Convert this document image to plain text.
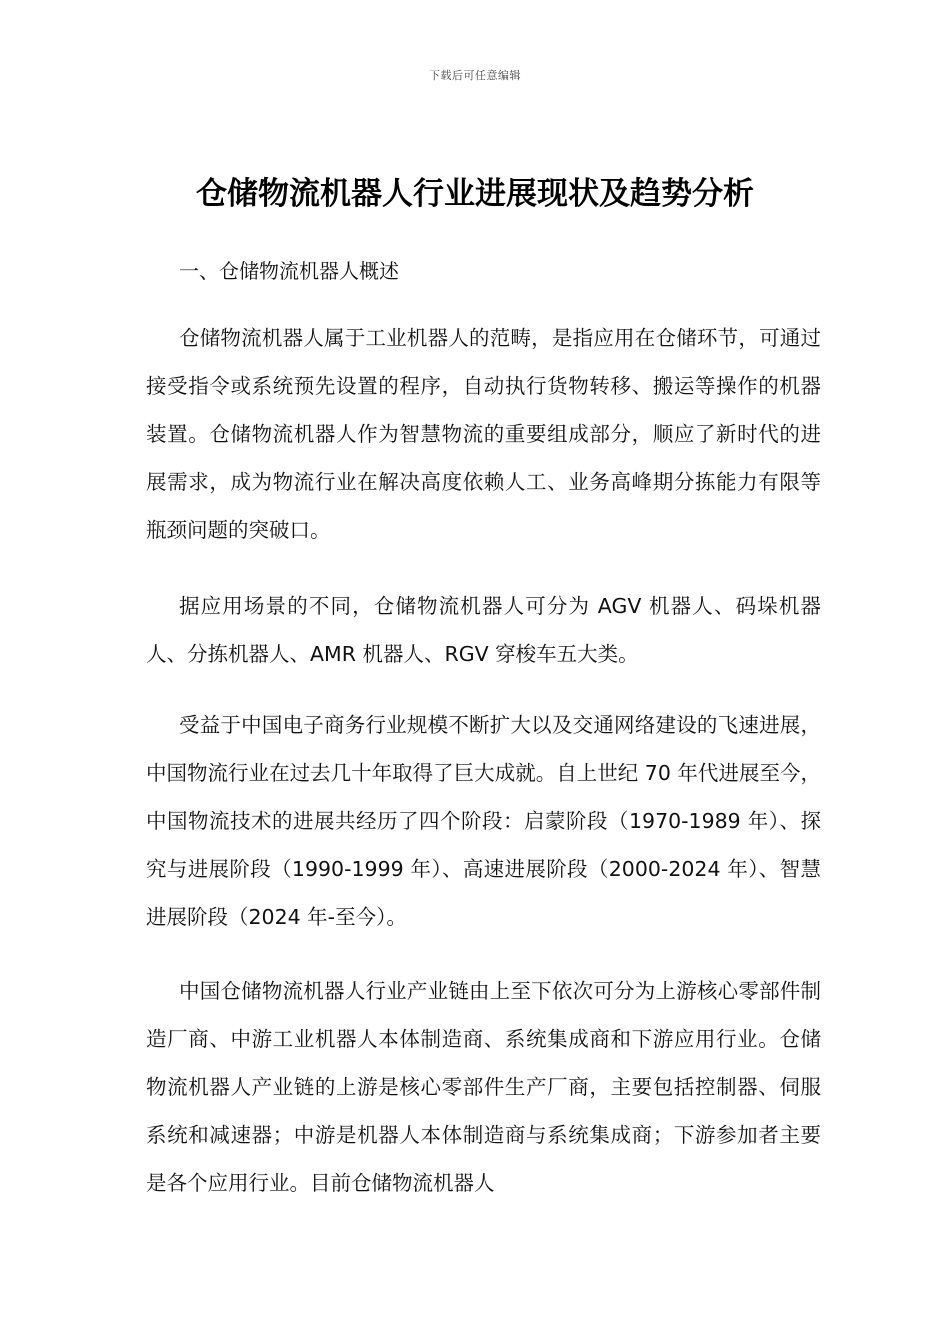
下载后可任意编辑
仓储物流机器人行业进展现状及趋势分析
一、仓储物流机器人概述

仓储物流机器人属于工业机器人的范畴，是指应用在仓储环节，可通过接受指令或系统预先设置的程序，自动执行货物转移、搬运等操作的机器装置。仓储物流机器人作为智慧物流的重要组成部分，顺应了新时代的进展需求，成为物流行业在解决高度依赖人工、业务高峰期分拣能力有限等瓶颈问题的突破口。

据应用场景的不同，仓储物流机器人可分为 AGV 机器人、码垛机器人、分拣机器人、AMR 机器人、RGV 穿梭车五大类。

受益于中国电子商务行业规模不断扩大以及交通网络建设的飞速进展，中国物流行业在过去几十年取得了巨大成就。自上世纪 70 年代进展至今，中国物流技术的进展共经历了四个阶段：启蒙阶段（1970-1989 年）、探究与进展阶段（1990-1999 年）、高速进展阶段（2000-2024 年）、智慧进展阶段（2024 年-至今）。

中国仓储物流机器人行业产业链由上至下依次可分为上游核心零部件制造厂商、中游工业机器人本体制造商、系统集成商和下游应用行业。仓储物流机器人产业链的上游是核心零部件生产厂商，主要包括控制器、伺服系统和减速器；中游是机器人本体制造商与系统集成商；下游参加者主要是各个应用行业。目前仓储物流机器人
